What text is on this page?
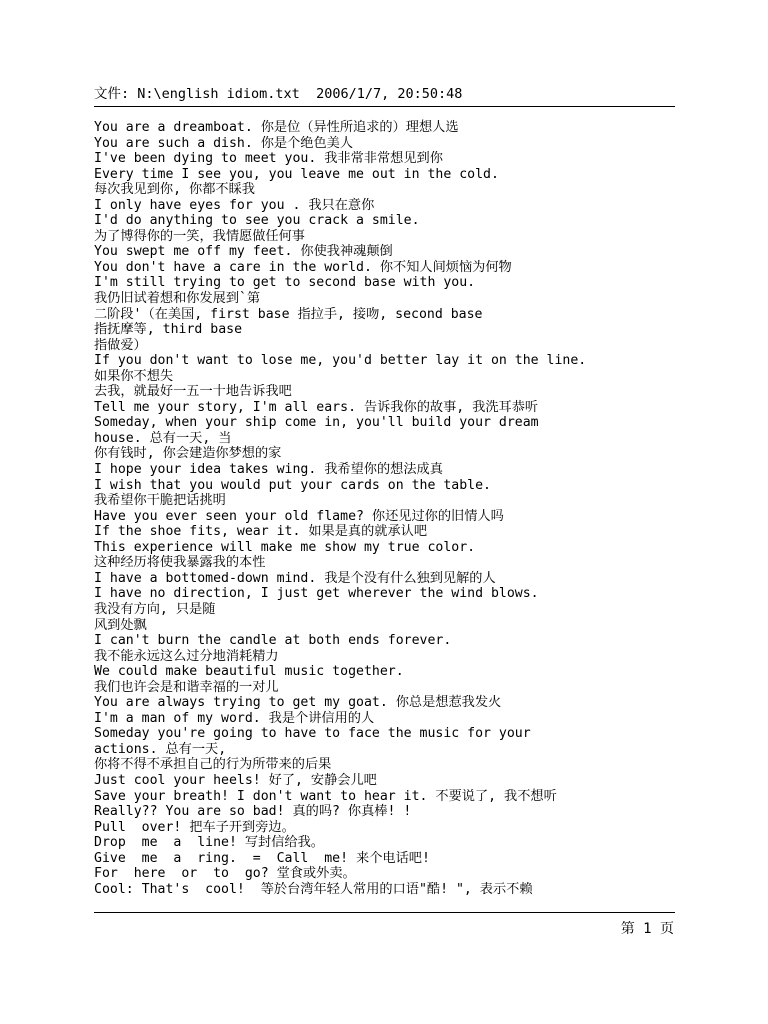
文件: N:\english idiom.txt  2006/1/7, 20:50:48
You are a dreamboat. 你是位（异性所追求的）理想人选
You are such a dish. 你是个绝色美人
I've been dying to meet you. 我非常非常想见到你
Every time I see you, you leave me out in the cold.
每次我见到你, 你都不睬我
I only have eyes for you . 我只在意你
I'd do anything to see you crack a smile.
为了博得你的一笑，我情愿做任何事
You swept me off my feet. 你使我神魂颠倒
You don't have a care in the world. 你不知人间烦恼为何物
I'm still trying to get to second base with you.
我仍旧试着想和你发展到`第
二阶段'（在美国, first base 指拉手, 接吻, second base
指抚摩等, third base
指做爱）
If you don't want to lose me, you'd better lay it on the line.
如果你不想失
去我，就最好一五一十地告诉我吧
Tell me your story, I'm all ears. 告诉我你的故事, 我洗耳恭听
Someday, when your ship come in, you'll build your dream
house. 总有一天, 当
你有钱时, 你会建造你梦想的家
I hope your idea takes wing. 我希望你的想法成真
I wish that you would put your cards on the table.
我希望你干脆把话挑明
Have you ever seen your old flame? 你还见过你的旧情人吗
If the shoe fits, wear it. 如果是真的就承认吧
This experience will make me show my true color.
这种经历将使我暴露我的本性
I have a bottomed-down mind. 我是个没有什么独到见解的人
I have no direction, I just get wherever the wind blows.
我没有方向, 只是随
风到处飘
I can't burn the candle at both ends forever.
我不能永远这么过分地消耗精力
We could make beautiful music together.
我们也许会是和谐幸福的一对儿
You are always trying to get my goat. 你总是想惹我发火
I'm a man of my word. 我是个讲信用的人
Someday you're going to have to face the music for your
actions. 总有一天,
你将不得不承担自己的行为所带来的后果
Just cool your heels! 好了, 安静会儿吧
Save your breath! I don't want to hear it. 不要说了, 我不想听
Really?? You are so bad! 真的吗? 你真棒! !
Pull  over! 把车子开到旁边。
Drop  me  a  line! 写封信给我。
Give  me  a  ring.  =  Call  me! 来个电话吧!
For  here  or  to  go? 堂食或外卖。
Cool: That's  cool!  等於台湾年轻人常用的口语"酷! ", 表示不赖
第 1 页
